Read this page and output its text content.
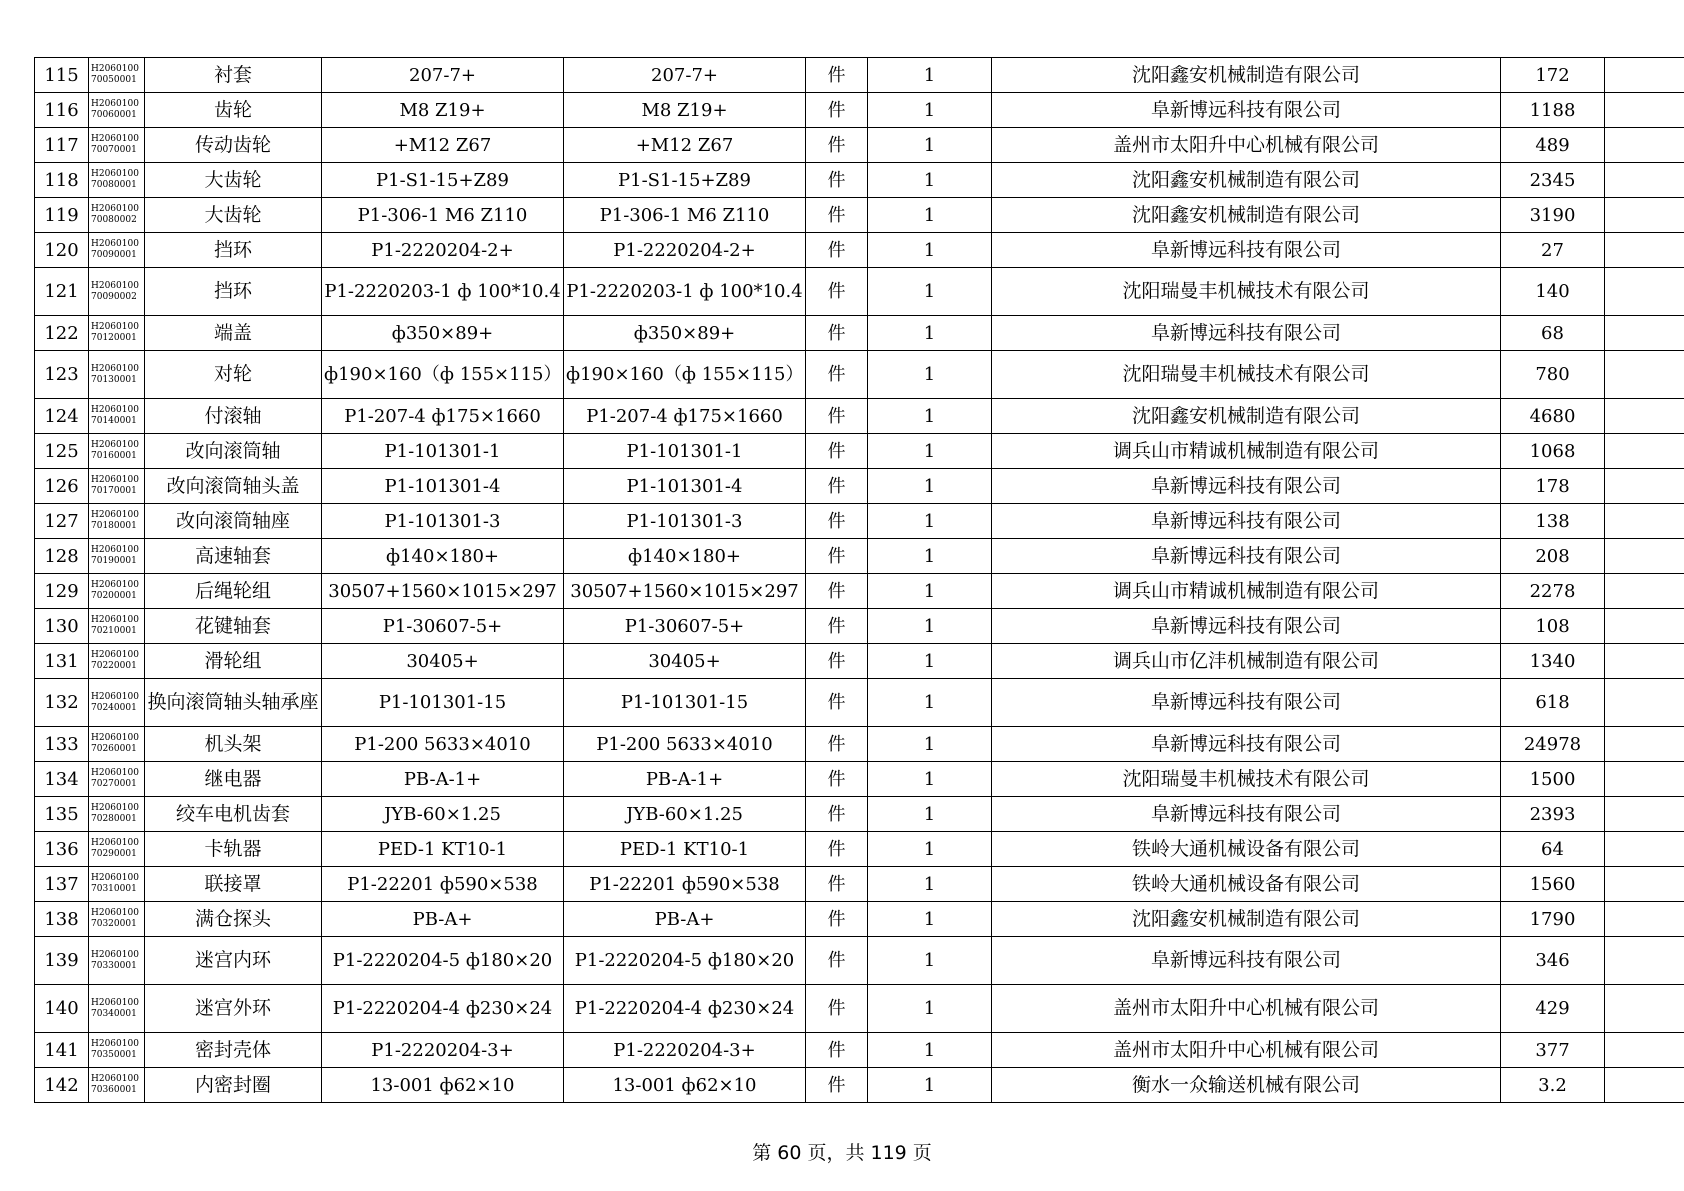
115	H2060100 70050001	衬套	207-7+	207-7+	件	1	沈阳鑫安机械制造有限公司	172	
116	H2060100 70060001	齿轮	M8 Z19+	M8 Z19+	件	1	阜新博远科技有限公司	1188	
117	H2060100 70070001	传动齿轮	+M12 Z67	+M12 Z67	件	1	盖州市太阳升中心机械有限公司	489	
118	H2060100 70080001	大齿轮	P1-S1-15+Z89	P1-S1-15+Z89	件	1	沈阳鑫安机械制造有限公司	2345	
119	H2060100 70080002	大齿轮	P1-306-1 M6 Z110	P1-306-1 M6 Z110	件	1	沈阳鑫安机械制造有限公司	3190	
120	H2060100 70090001	挡环	P1-2220204-2+	P1-2220204-2+	件	1	阜新博远科技有限公司	27	
121	H2060100 70090002	挡环	P1-2220203-1 ф 100*10.4	P1-2220203-1 ф 100*10.4	件	1	沈阳瑞曼丰机械技术有限公司	140	
122	H2060100 70120001	端盖	ф350×89+	ф350×89+	件	1	阜新博远科技有限公司	68	
123	H2060100 70130001	对轮	ф190×160（ф 155×115）	ф190×160（ф 155×115）	件	1	沈阳瑞曼丰机械技术有限公司	780	
124	H2060100 70140001	付滚轴	P1-207-4 ф175×1660	P1-207-4 ф175×1660	件	1	沈阳鑫安机械制造有限公司	4680	
125	H2060100 70160001	改向滚筒轴	P1-101301-1	P1-101301-1	件	1	调兵山市精诚机械制造有限公司	1068	
126	H2060100 70170001	改向滚筒轴头盖	P1-101301-4	P1-101301-4	件	1	阜新博远科技有限公司	178	
127	H2060100 70180001	改向滚筒轴座	P1-101301-3	P1-101301-3	件	1	阜新博远科技有限公司	138	
128	H2060100 70190001	高速轴套	ф140×180+	ф140×180+	件	1	阜新博远科技有限公司	208	
129	H2060100 70200001	后绳轮组	30507+1560×1015×297	30507+1560×1015×297	件	1	调兵山市精诚机械制造有限公司	2278	
130	H2060100 70210001	花键轴套	P1-30607-5+	P1-30607-5+	件	1	阜新博远科技有限公司	108	
131	H2060100 70220001	滑轮组	30405+	30405+	件	1	调兵山市亿沣机械制造有限公司	1340	
132	H2060100 70240001	换向滚筒轴头轴承座	P1-101301-15	P1-101301-15	件	1	阜新博远科技有限公司	618	
133	H2060100 70260001	机头架	P1-200 5633×4010	P1-200 5633×4010	件	1	阜新博远科技有限公司	24978	
134	H2060100 70270001	继电器	PB-A-1+	PB-A-1+	件	1	沈阳瑞曼丰机械技术有限公司	1500	
135	H2060100 70280001	绞车电机齿套	JYB-60×1.25	JYB-60×1.25	件	1	阜新博远科技有限公司	2393	
136	H2060100 70290001	卡轨器	PED-1 KT10-1	PED-1 KT10-1	件	1	铁岭大通机械设备有限公司	64	
137	H2060100 70310001	联接罩	P1-22201 ф590×538	P1-22201 ф590×538	件	1	铁岭大通机械设备有限公司	1560	
138	H2060100 70320001	满仓探头	PB-A+	PB-A+	件	1	沈阳鑫安机械制造有限公司	1790	
139	H2060100 70330001	迷宫内环	P1-2220204-5 ф180×20	P1-2220204-5 ф180×20	件	1	阜新博远科技有限公司	346	
140	H2060100 70340001	迷宫外环	P1-2220204-4 ф230×24	P1-2220204-4 ф230×24	件	1	盖州市太阳升中心机械有限公司	429	
141	H2060100 70350001	密封壳体	P1-2220204-3+	P1-2220204-3+	件	1	盖州市太阳升中心机械有限公司	377	
142	H2060100 70360001	内密封圈	13-001 ф62×10	13-001 ф62×10	件	1	衡水一众输送机械有限公司	3.2	
第 60 页，共 119 页
